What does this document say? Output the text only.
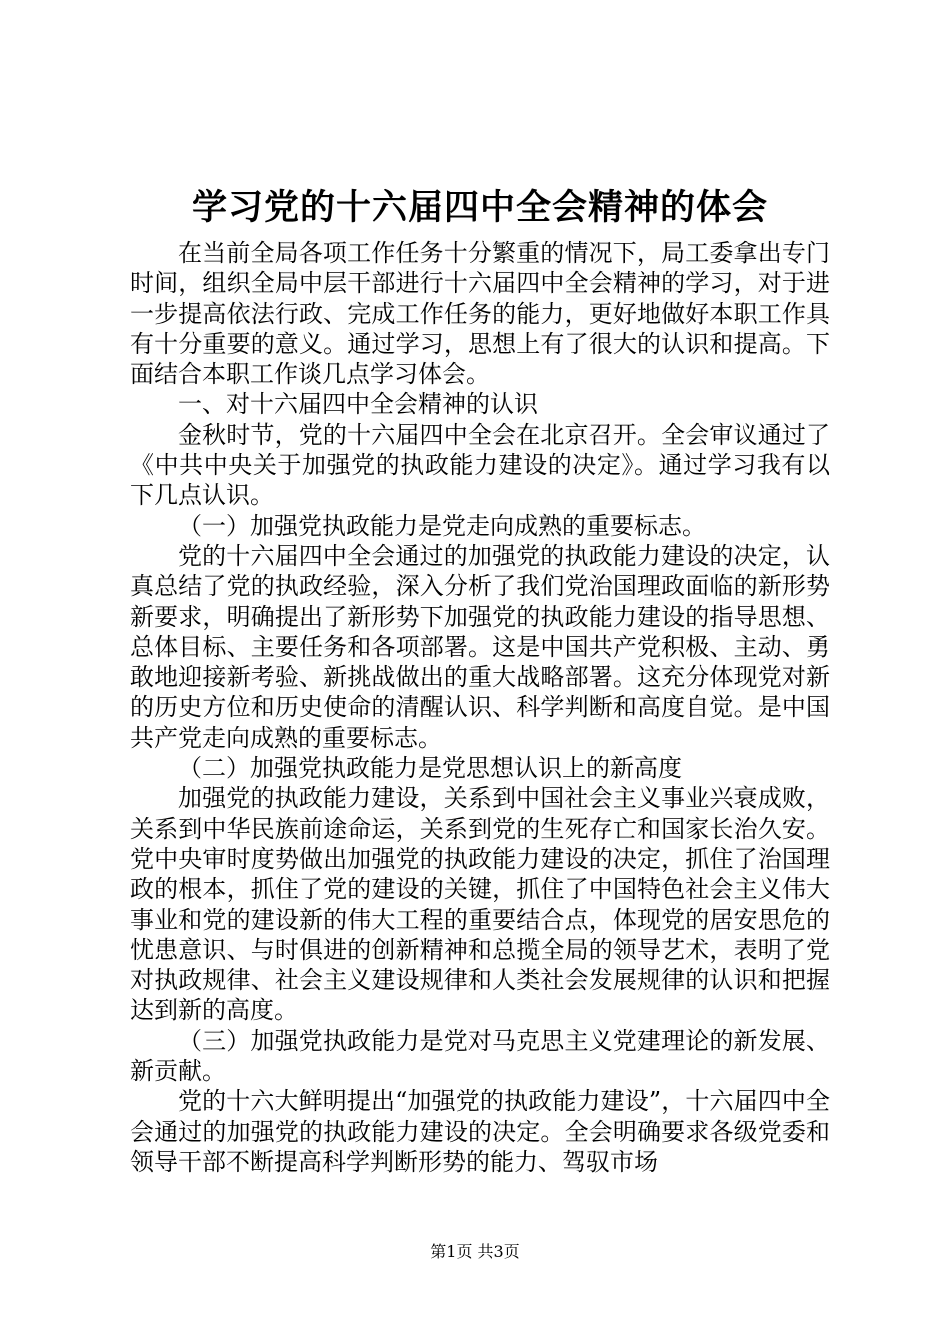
学习党的十六届四中全会精神的体会

在当前全局各项工作任务十分繁重的情况下，局工委拿出专门时间，组织全局中层干部进行十六届四中全会精神的学习，对于进一步提高依法行政、完成工作任务的能力，更好地做好本职工作具有十分重要的意义。通过学习，思想上有了很大的认识和提高。下面结合本职工作谈几点学习体会。

一、对十六届四中全会精神的认识

金秋时节，党的十六届四中全会在北京召开。全会审议通过了《中共中央关于加强党的执政能力建设的决定》。通过学习我有以下几点认识。

（一）加强党执政能力是党走向成熟的重要标志。

党的十六届四中全会通过的加强党的执政能力建设的决定，认真总结了党的执政经验，深入分析了我们党治国理政面临的新形势新要求，明确提出了新形势下加强党的执政能力建设的指导思想、总体目标、主要任务和各项部署。这是中国共产党积极、主动、勇敢地迎接新考验、新挑战做出的重大战略部署。这充分体现党对新的历史方位和历史使命的清醒认识、科学判断和高度自觉。是中国共产党走向成熟的重要标志。

（二）加强党执政能力是党思想认识上的新高度

加强党的执政能力建设，关系到中国社会主义事业兴衰成败，关系到中华民族前途命运，关系到党的生死存亡和国家长治久安。党中央审时度势做出加强党的执政能力建设的决定，抓住了治国理政的根本，抓住了党的建设的关键，抓住了中国特色社会主义伟大事业和党的建设新的伟大工程的重要结合点，体现党的居安思危的忧患意识、与时俱进的创新精神和总揽全局的领导艺术，表明了党对执政规律、社会主义建设规律和人类社会发展规律的认识和把握达到新的高度。

（三）加强党执政能力是党对马克思主义党建理论的新发展、新贡献。

党的十六大鲜明提出“加强党的执政能力建设”，十六届四中全会通过的加强党的执政能力建设的决定。全会明确要求各级党委和领导干部不断提高科学判断形势的能力、驾驭市场

第1页 共3页
